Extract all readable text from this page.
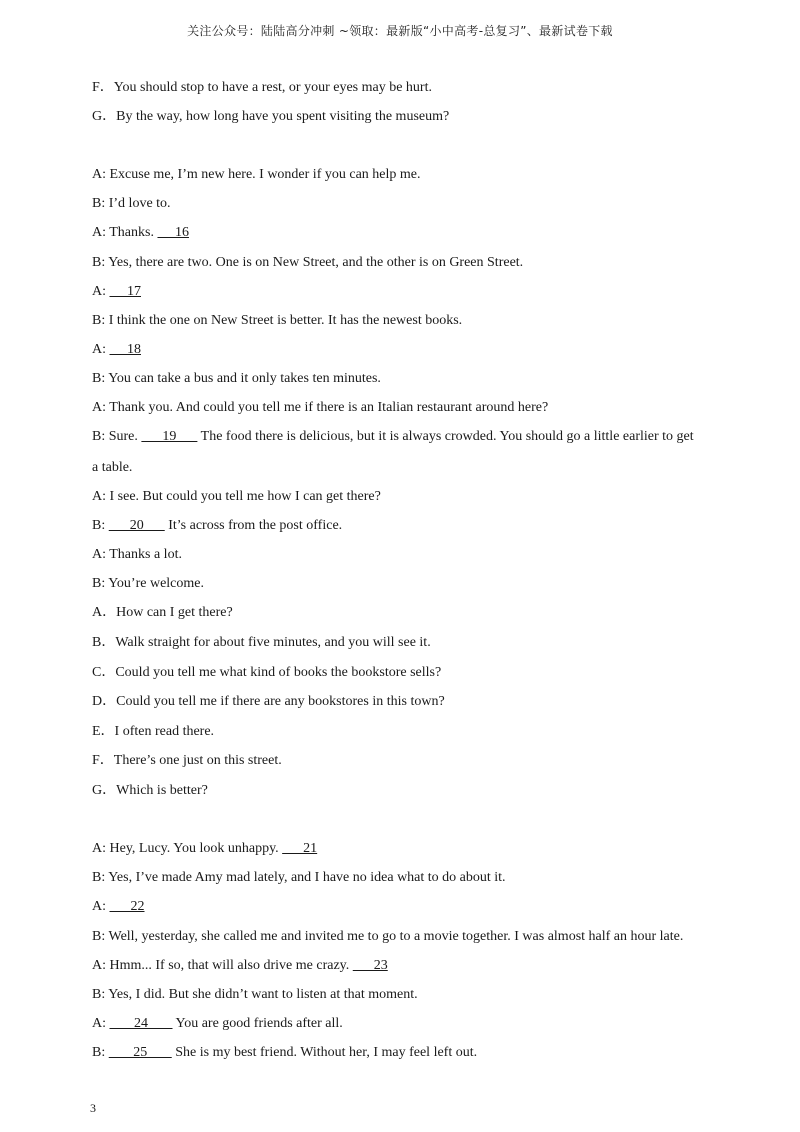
关注公众号：陆陆高分冲刺 ~领取：最新版“小中高考-总复习”、最新试卷下载
F．You should stop to have a rest, or your eyes may be hurt.
G．By the way, how long have you spent visiting the museum?
A: Excuse me, I’m new here. I wonder if you can help me.
B: I’d love to.
A: Thanks.      16
B: Yes, there are two. One is on New Street, and the other is on Green Street.
A:      17
B: I think the one on New Street is better. It has the newest books.
A:      18
B: You can take a bus and it only takes ten minutes.
A: Thank you. And could you tell me if there is an Italian restaurant around here?
B: Sure.       19       The food there is delicious, but it is always crowded. You should go a little earlier to get
a table.
A: I see. But could you tell me how I can get there?
B:       20       It’s across from the post office.
A: Thanks a lot.
B: You’re welcome.
A．How can I get there?
B．Walk straight for about five minutes, and you will see it.
C．Could you tell me what kind of books the bookstore sells?
D．Could you tell me if there are any bookstores in this town?
E．I often read there.
F．There’s one just on this street.
G．Which is better?
A: Hey, Lucy. You look unhappy.       21
B: Yes, I’ve made Amy mad lately, and I have no idea what to do about it.
A:       22
B: Well, yesterday, she called me and invited me to go to a movie together. I was almost half an hour late.
A: Hmm... If so, that will also drive me crazy.       23
B: Yes, I did. But she didn’t want to listen at that moment.
A:        24        You are good friends after all.
B:        25        She is my best friend. Without her, I may feel left out.
3
